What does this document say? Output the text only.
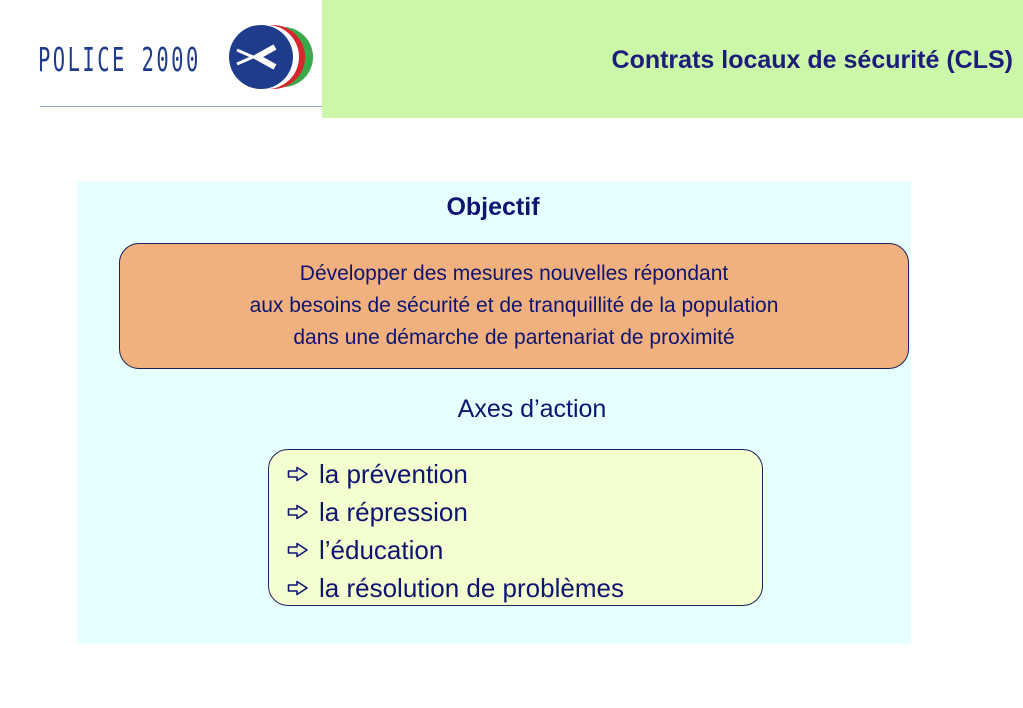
POLICE 2000	Contrats locaux de sécurité (CLS)
Objectif
Développer des mesures nouvelles répondant
aux besoins de sécurité et de tranquillité de la population
dans une démarche de partenariat de proximité
Axes d’action
la prévention
la répression
l’éducation
la résolution de problèmes
